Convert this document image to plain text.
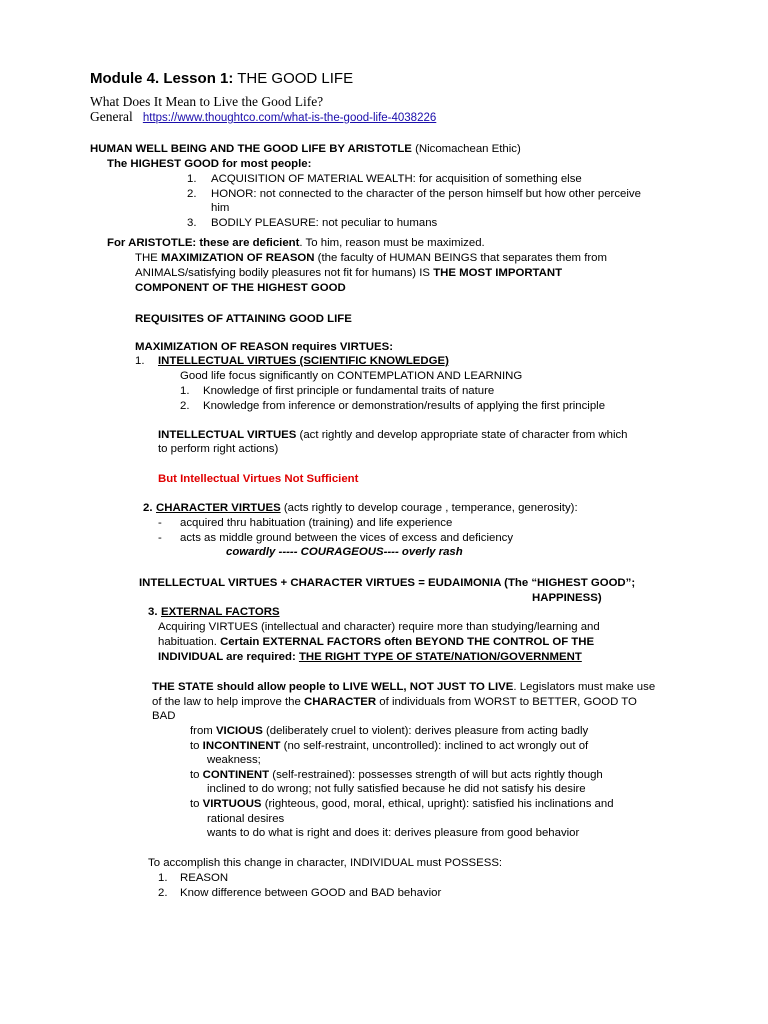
Module 4. Lesson 1: THE GOOD LIFE
What Does It Mean to Live the Good Life?
General https://www.thoughtco.com/what-is-the-good-life-4038226
HUMAN WELL BEING AND THE GOOD LIFE BY ARISTOTLE (Nicomachean Ethic)
The HIGHEST GOOD for most people:
1. ACQUISITION OF MATERIAL WEALTH: for acquisition of something else
2. HONOR: not connected to the character of the person himself but how other perceive
him
3. BODILY PLEASURE: not peculiar to humans
For ARISTOTLE: these are deficient. To him, reason must be maximized.
THE MAXIMIZATION OF REASON (the faculty of HUMAN BEINGS that separates them from
ANIMALS/satisfying bodily pleasures not fit for humans) IS THE MOST IMPORTANT
COMPONENT OF THE HIGHEST GOOD
REQUISITES OF ATTAINING GOOD LIFE
MAXIMIZATION OF REASON requires VIRTUES:
1. INTELLECTUAL VIRTUES (SCIENTIFIC KNOWLEDGE)
Good life focus significantly on CONTEMPLATION AND LEARNING
1. Knowledge of first principle or fundamental traits of nature
2. Knowledge from inference or demonstration/results of applying the first principle
INTELLECTUAL VIRTUES (act rightly and develop appropriate state of character from which
to perform right actions)
But Intellectual Virtues Not Sufficient
2. CHARACTER VIRTUES (acts rightly to develop courage , temperance, generosity):
- acquired thru habituation (training) and life experience
- acts as middle ground between the vices of excess and deficiency
cowardly ----- COURAGEOUS---- overly rash
INTELLECTUAL VIRTUES + CHARACTER VIRTUES = EUDAIMONIA (The “HIGHEST GOOD”;
HAPPINESS)
3. EXTERNAL FACTORS
Acquiring VIRTUES (intellectual and character) require more than studying/learning and
habituation. Certain EXTERNAL FACTORS often BEYOND THE CONTROL OF THE
INDIVIDUAL are required: THE RIGHT TYPE OF STATE/NATION/GOVERNMENT
THE STATE should allow people to LIVE WELL, NOT JUST TO LIVE. Legislators must make use
of the law to help improve the CHARACTER of individuals from WORST to BETTER, GOOD TO
BAD
from VICIOUS (deliberately cruel to violent): derives pleasure from acting badly
to INCONTINENT (no self-restraint, uncontrolled): inclined to act wrongly out of
weakness;
to CONTINENT (self-restrained): possesses strength of will but acts rightly though
inclined to do wrong; not fully satisfied because he did not satisfy his desire
to VIRTUOUS (righteous, good, moral, ethical, upright): satisfied his inclinations and
rational desires
wants to do what is right and does it: derives pleasure from good behavior
To accomplish this change in character, INDIVIDUAL must POSSESS:
1. REASON
2. Know difference between GOOD and BAD behavior
